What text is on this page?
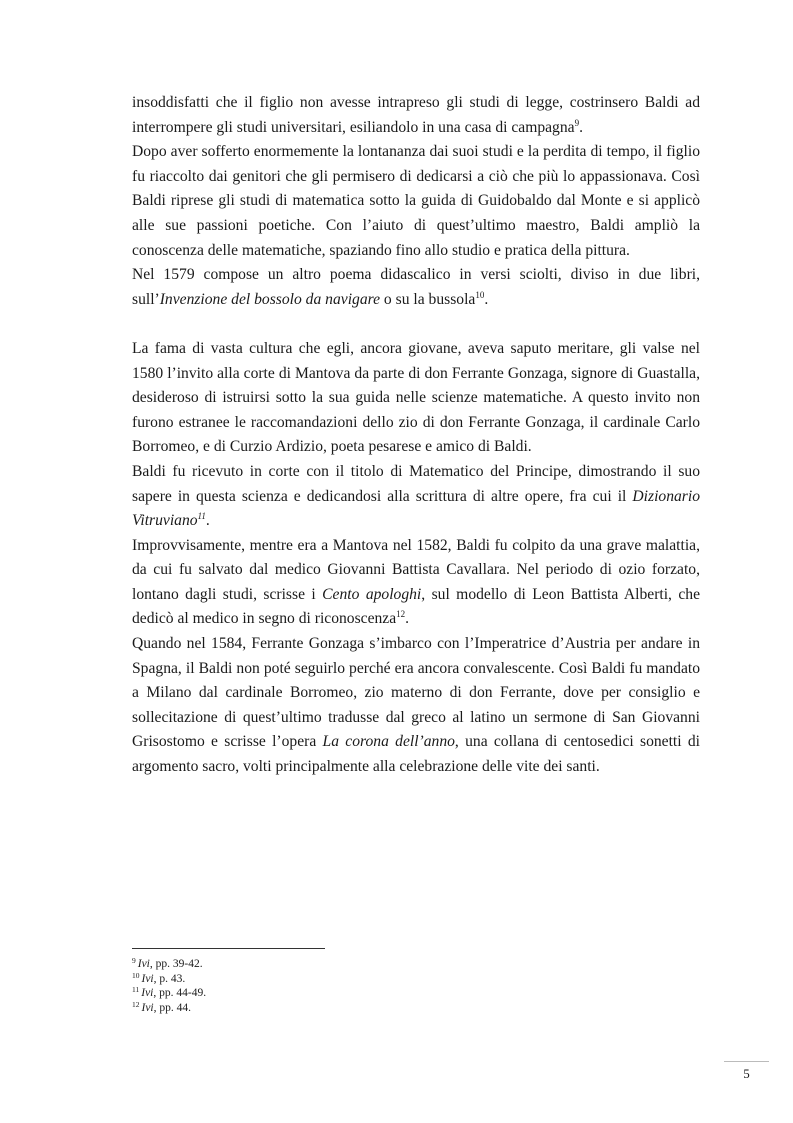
insoddisfatti che il figlio non avesse intrapreso gli studi di legge, costrinsero Baldi ad interrompere gli studi universitari, esiliandolo in una casa di campagna$^9$.

Dopo aver sofferto enormemente la lontananza dai suoi studi e la perdita di tempo, il figlio fu riaccolto dai genitori che gli permisero di dedicarsi a ciò che più lo appassionava. Così Baldi riprese gli studi di matematica sotto la guida di Guidobaldo dal Monte e si applicò alle sue passioni poetiche. Con l’aiuto di quest’ultimo maestro, Baldi ampliò la conoscenza delle matematiche, spaziando fino allo studio e pratica della pittura.

Nel 1579 compose un altro poema didascalico in versi sciolti, diviso in due libri, sull’Invenzione del bossolo da navigare o su la bussola$^{10}$.

La fama di vasta cultura che egli, ancora giovane, aveva saputo meritare, gli valse nel 1580 l’invito alla corte di Mantova da parte di don Ferrante Gonzaga, signore di Guastalla, desideroso di istruirsi sotto la sua guida nelle scienze matematiche. A questo invito non furono estranee le raccomandazioni dello zio di don Ferrante Gonzaga, il cardinale Carlo Borromeo, e di Curzio Ardizio, poeta pesarese e amico di Baldi.

Baldi fu ricevuto in corte con il titolo di Matematico del Principe, dimostrando il suo sapere in questa scienza e dedicandosi alla scrittura di altre opere, fra cui il Dizionario Vitruviano$^{11}$.

Improvvisamente, mentre era a Mantova nel 1582, Baldi fu colpito da una grave malattia, da cui fu salvato dal medico Giovanni Battista Cavallara. Nel periodo di ozio forzato, lontano dagli studi, scrisse i Cento apologhi, sul modello di Leon Battista Alberti, che dedicò al medico in segno di riconoscenza$^{12}$.

Quando nel 1584, Ferrante Gonzaga s’imbarco con l’Imperatrice d’Austria per andare in Spagna, il Baldi non poté seguirlo perché era ancora convalescente. Così Baldi fu mandato a Milano dal cardinale Borromeo, zio materno di don Ferrante, dove per consiglio e sollecitazione di quest’ultimo tradusse dal greco al latino un sermone di San Giovanni Grisostomo e scrisse l’opera La corona dell’anno, una collana di centosedici sonetti di argomento sacro, volti principalmente alla celebrazione delle vite dei santi.

$^9$ Ivi, pp. 39-42.
$^{10}$ Ivi, p. 43.
$^{11}$ Ivi, pp. 44-49.
$^{12}$ Ivi, pp. 44.
5
